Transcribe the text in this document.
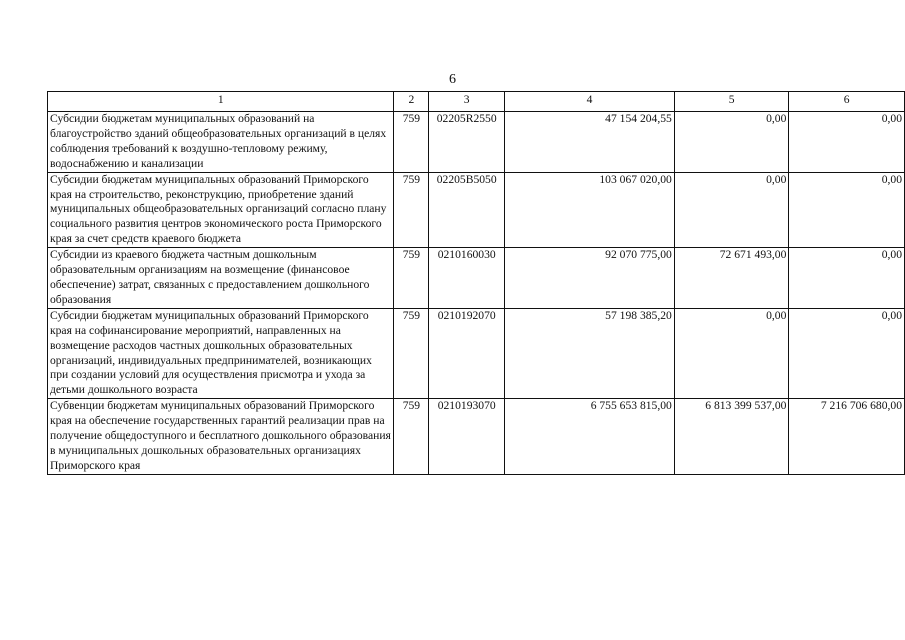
6
1	2	3	4	5	6
Субсидии бюджетам муниципальных образований на благоустройство зданий общеобразовательных организаций в целях соблюдения требований к воздушно-тепловому режиму, водоснабжению и канализации	759	02205R2550	47 154 204,55	0,00	0,00
Субсидии бюджетам муниципальных образований Приморского края на строительство, реконструкцию, приобретение зданий муниципальных общеобразовательных организаций согласно плану социального развития центров экономического роста Приморского края за счет средств краевого бюджета	759	02205B5050	103 067 020,00	0,00	0,00
Субсидии из краевого бюджета частным дошкольным образовательным организациям на возмещение (финансовое обеспечение) затрат, связанных с предоставлением дошкольного образования	759	0210160030	92 070 775,00	72 671 493,00	0,00
Субсидии бюджетам муниципальных образований Приморского края на софинансирование мероприятий, направленных на возмещение расходов частных дошкольных образовательных организаций, индивидуальных предпринимателей, возникающих при создании условий для осуществления присмотра и ухода за детьми дошкольного возраста	759	0210192070	57 198 385,20	0,00	0,00
Субвенции бюджетам муниципальных образований Приморского края на обеспечение государственных гарантий реализации прав на получение общедоступного и бесплатного дошкольного образования в муниципальных дошкольных образовательных организациях Приморского края	759	0210193070	6 755 653 815,00	6 813 399 537,00	7 216 706 680,00
